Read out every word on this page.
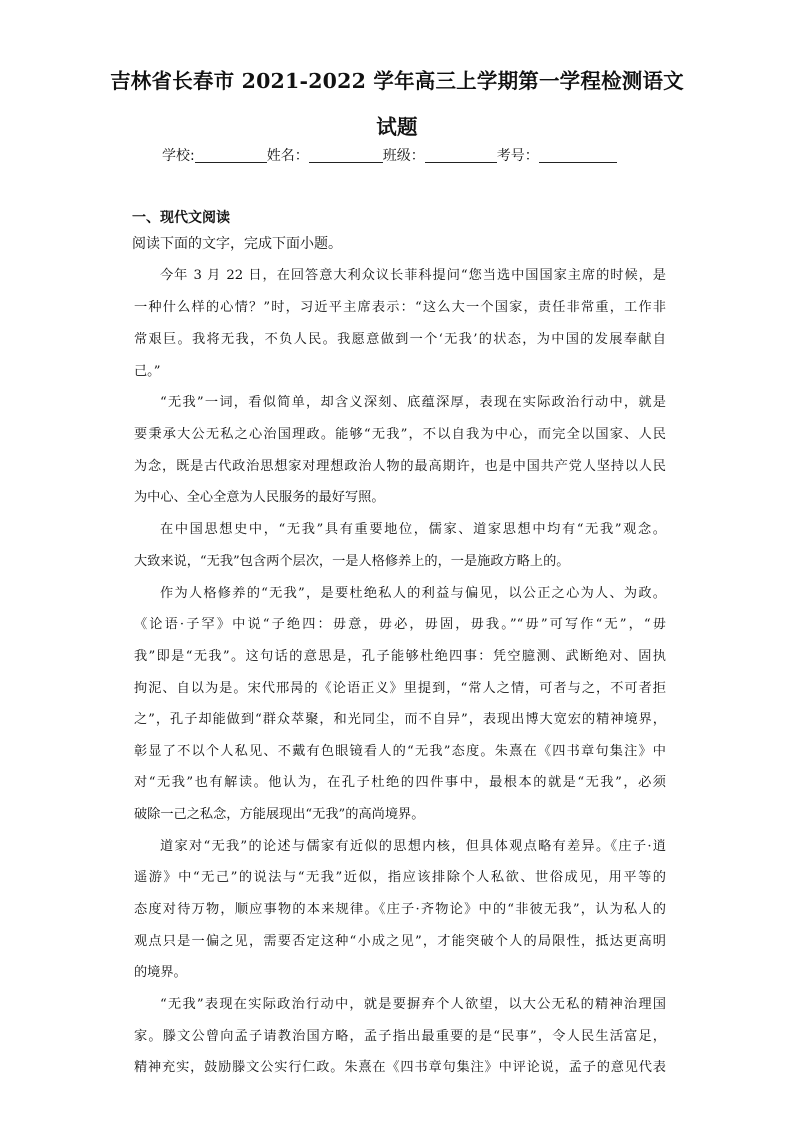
吉林省长春市 2021-2022 学年高三上学期第一学程检测语文
试题
学校:	姓名：	班级：	考号：
一、现代文阅读
阅读下面的文字，完成下面小题。
今年 3 月 22 日，在回答意大利众议长菲科提问“您当选中国国家主席的时候，是
一种什么样的心情？”时，习近平主席表示：“这么大一个国家，责任非常重，工作非
常艰巨。我将无我，不负人民。我愿意做到一个‘无我’的状态，为中国的发展奉献自
己。”
“无我”一词，看似简单，却含义深刻、底蕴深厚，表现在实际政治行动中，就是
要秉承大公无私之心治国理政。能够“无我”，不以自我为中心，而完全以国家、人民
为念，既是古代政治思想家对理想政治人物的最高期许，也是中国共产党人坚持以人民
为中心、全心全意为人民服务的最好写照。
在中国思想史中，“无我”具有重要地位，儒家、道家思想中均有“无我”观念。
大致来说，“无我”包含两个层次，一是人格修养上的，一是施政方略上的。
作为人格修养的“无我”，是要杜绝私人的利益与偏见，以公正之心为人、为政。
《论语·子罕》中说“子绝四：毋意，毋必，毋固，毋我。”“毋”可写作“无”，“毋
我”即是“无我”。这句话的意思是，孔子能够杜绝四事：凭空臆测、武断绝对、固执
拘泥、自以为是。宋代邢昺的《论语正义》里提到，“常人之情，可者与之，不可者拒
之”，孔子却能做到“群众萃聚，和光同尘，而不自异”，表现出博大宽宏的精神境界，
彰显了不以个人私见、不戴有色眼镜看人的“无我”态度。朱熹在《四书章句集注》中
对“无我”也有解读。他认为，在孔子杜绝的四件事中，最根本的就是“无我”，必须
破除一己之私念，方能展现出“无我”的高尚境界。
道家对“无我”的论述与儒家有近似的思想内核，但具体观点略有差异。《庄子·逍
遥游》中“无己”的说法与“无我”近似，指应该排除个人私欲、世俗成见，用平等的
态度对待万物，顺应事物的本来规律。《庄子·齐物论》中的“非彼无我”，认为私人的
观点只是一偏之见，需要否定这种“小成之见”，才能突破个人的局限性，抵达更高明
的境界。
“无我”表现在实际政治行动中，就是要摒弃个人欲望，以大公无私的精神治理国
家。滕文公曾向孟子请教治国方略，孟子指出最重要的是“民事”，令人民生活富足，
精神充实，鼓励滕文公实行仁政。朱熹在《四书章句集注》中评论说，孟子的意见代表
